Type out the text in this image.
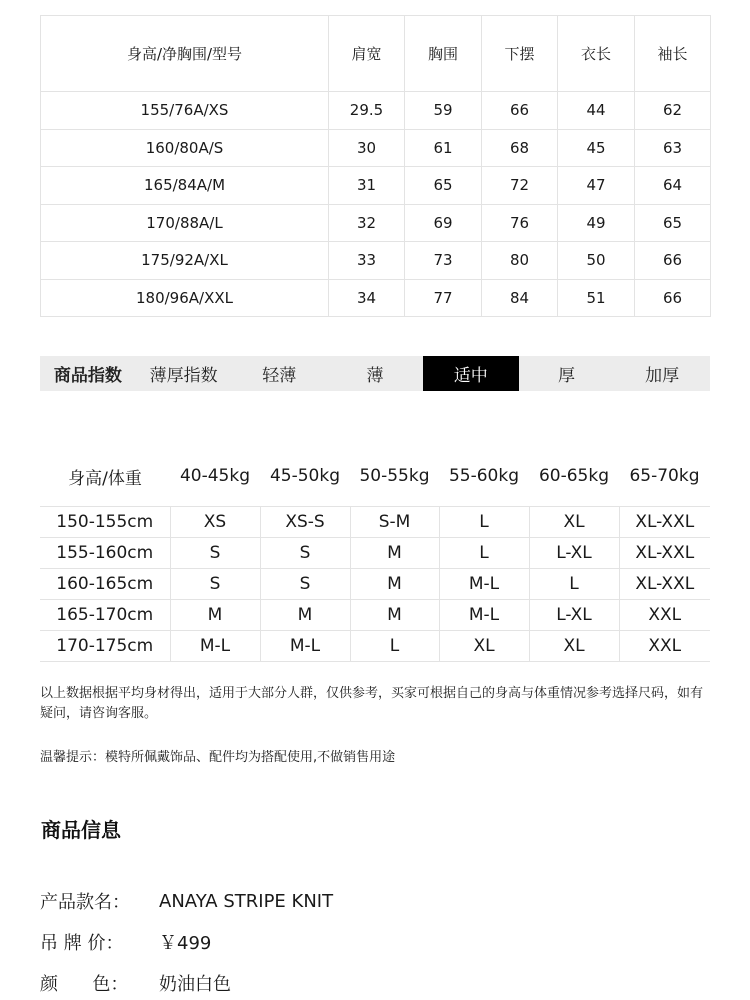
身高/净胸围/型号	肩宽	胸围	下摆	衣长	袖长
155/76A/XS	29.5	59	66	44	62
160/80A/S	30	61	68	45	63
165/84A/M	31	65	72	47	64
170/88A/L	32	69	76	49	65
175/92A/XL	33	73	80	50	66
180/96A/XXL	34	77	84	51	66
商品指数	薄厚指数	轻薄	薄	适中	厚	加厚
身高/体重	40-45kg	45-50kg	50-55kg	55-60kg	60-65kg	65-70kg
150-155cm	XS	XS-S	S-M	L	XL	XL-XXL
155-160cm	S	S	M	L	L-XL	XL-XXL
160-165cm	S	S	M	M-L	L	XL-XXL
165-170cm	M	M	M	M-L	L-XL	XXL
170-175cm	M-L	M-L	L	XL	XL	XXL

以上数据根据平均身材得出，适用于大部分人群，仅供参考，买家可根据自己的身高与体重情况参考选择尺码，如有疑问，请咨询客服。

温馨提示：模特所佩戴饰品、配件均为搭配使用,不做销售用途

商品信息
产品款名：	ANAYA STRIPE KNIT
吊 牌 价：	￥499
颜      色：	奶油白色
